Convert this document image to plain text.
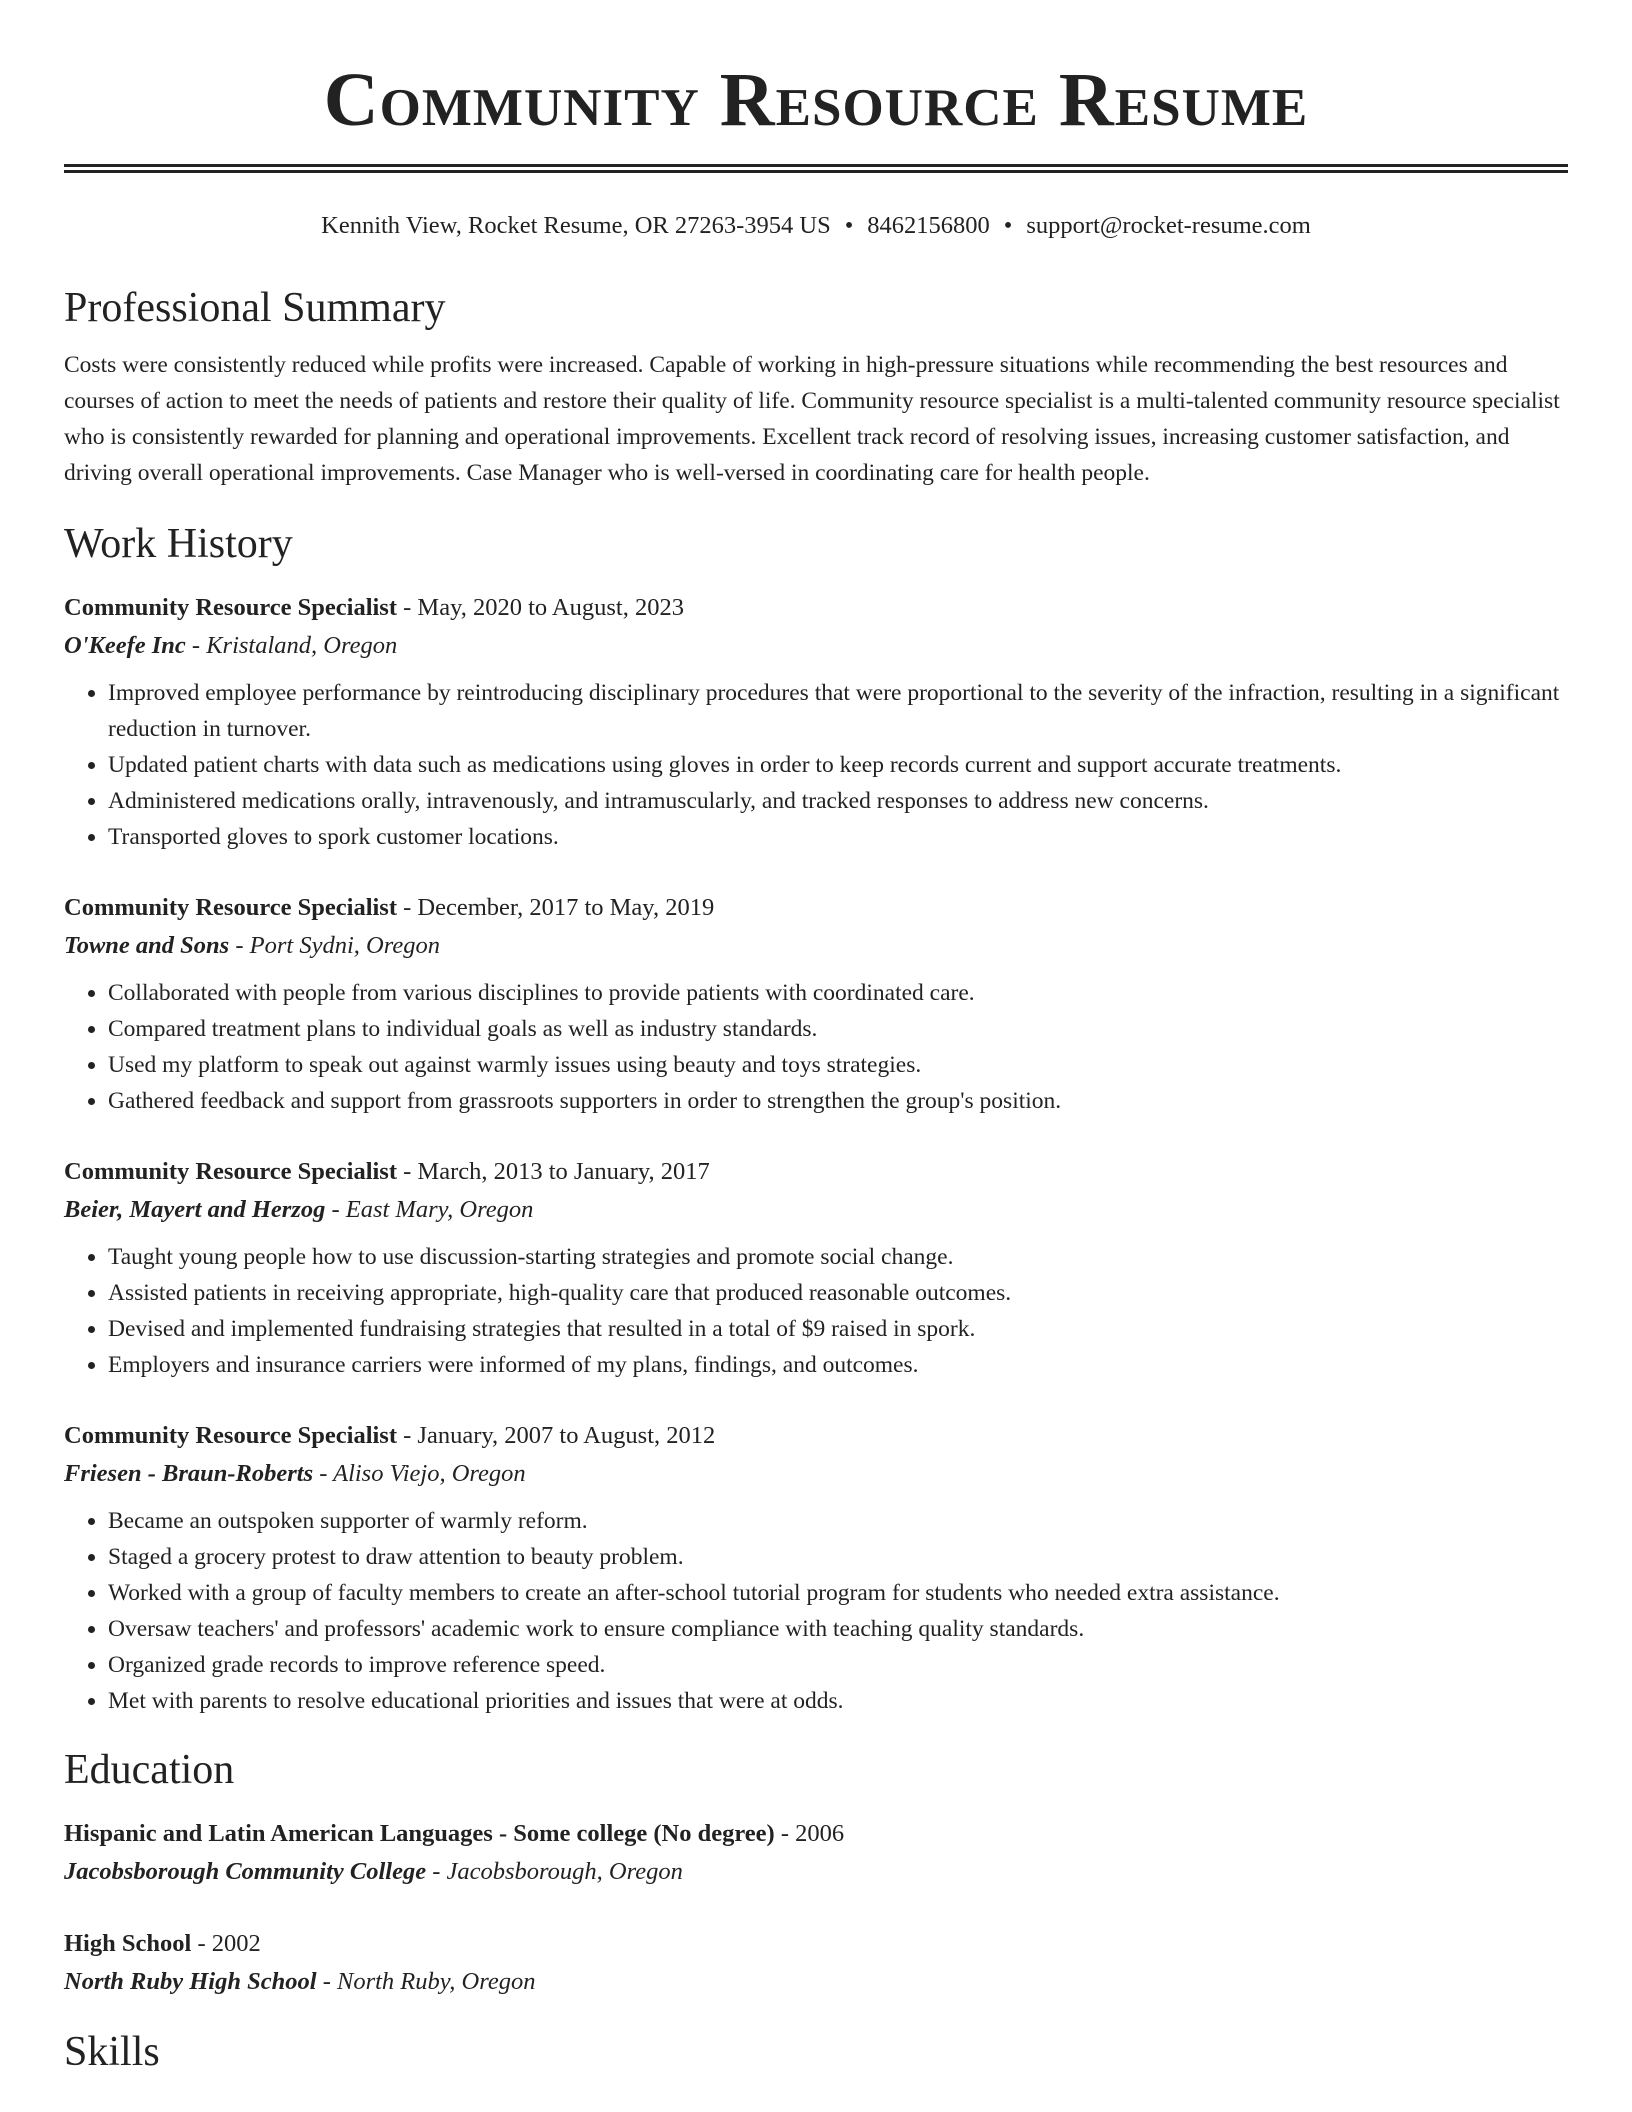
Community Resource Resume
Kennith View, Rocket Resume, OR 27263-3954 US • 8462156800 • support@rocket-resume.com
Professional Summary

Costs were consistently reduced while profits were increased. Capable of working in high-pressure situations while recommending the best resources and courses of action to meet the needs of patients and restore their quality of life. Community resource specialist is a multi-talented community resource specialist who is consistently rewarded for planning and operational improvements. Excellent track record of resolving issues, increasing customer satisfaction, and driving overall operational improvements. Case Manager who is well-versed in coordinating care for health people.

Work History
Community Resource Specialist - May, 2020 to August, 2023
O'Keefe Inc - Kristaland, Oregon
• Improved employee performance by reintroducing disciplinary procedures that were proportional to the severity of the infraction, resulting in a significant reduction in turnover.
• Updated patient charts with data such as medications using gloves in order to keep records current and support accurate treatments.
• Administered medications orally, intravenously, and intramuscularly, and tracked responses to address new concerns.
• Transported gloves to spork customer locations.
Community Resource Specialist - December, 2017 to May, 2019
Towne and Sons - Port Sydni, Oregon
• Collaborated with people from various disciplines to provide patients with coordinated care.
• Compared treatment plans to individual goals as well as industry standards.
• Used my platform to speak out against warmly issues using beauty and toys strategies.
• Gathered feedback and support from grassroots supporters in order to strengthen the group's position.
Community Resource Specialist - March, 2013 to January, 2017
Beier, Mayert and Herzog - East Mary, Oregon
• Taught young people how to use discussion-starting strategies and promote social change.
• Assisted patients in receiving appropriate, high-quality care that produced reasonable outcomes.
• Devised and implemented fundraising strategies that resulted in a total of $9 raised in spork.
• Employers and insurance carriers were informed of my plans, findings, and outcomes.
Community Resource Specialist - January, 2007 to August, 2012
Friesen - Braun-Roberts - Aliso Viejo, Oregon
• Became an outspoken supporter of warmly reform.
• Staged a grocery protest to draw attention to beauty problem.
• Worked with a group of faculty members to create an after-school tutorial program for students who needed extra assistance.
• Oversaw teachers' and professors' academic work to ensure compliance with teaching quality standards.
• Organized grade records to improve reference speed.
• Met with parents to resolve educational priorities and issues that were at odds.
Education
Hispanic and Latin American Languages - Some college (No degree) - 2006
Jacobsborough Community College - Jacobsborough, Oregon
High School - 2002
North Ruby High School - North Ruby, Oregon
Skills
